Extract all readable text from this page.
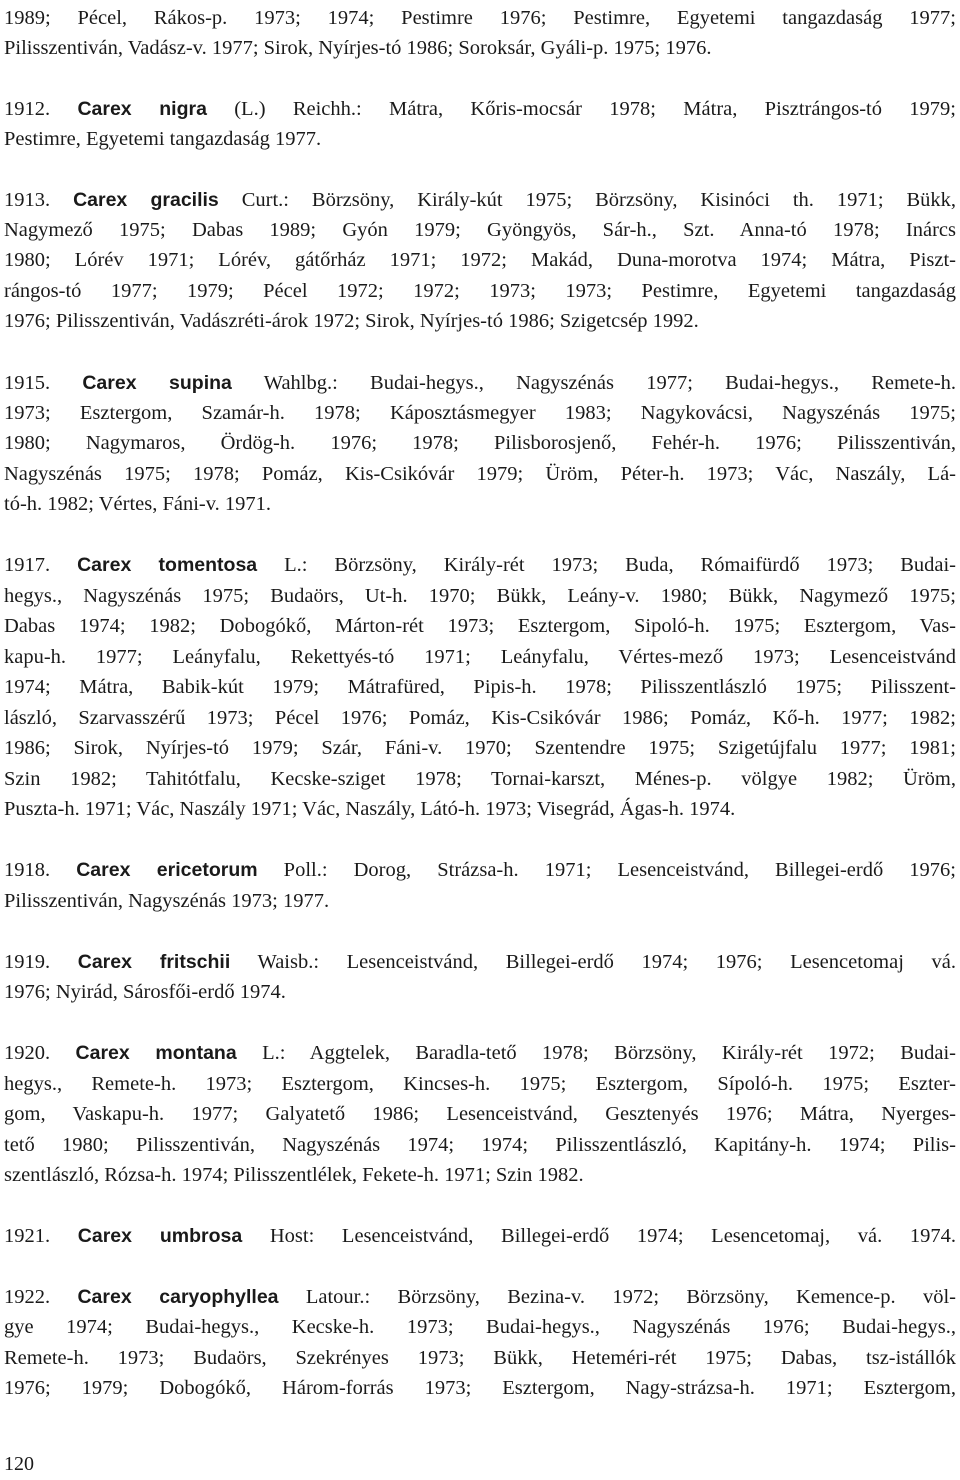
1989; Pécel, Rákos-p. 1973; 1974; Pestimre 1976; Pestimre, Egyetemi tangazdaság 1977;
Pilisszentiván, Vadász-v. 1977; Sirok, Nyírjes-tó 1986; Soroksár, Gyáli-p. 1975; 1976.
1912. Carex nigra (L.) Reichh.: Mátra, Kőris-mocsár 1978; Mátra, Pisztrángos-tó 1979;
Pestimre, Egyetemi tangazdaság 1977.
1913. Carex gracilis Curt.: Börzsöny, Király-kút 1975; Börzsöny, Kisinóci th. 1971; Bükk,
Nagymező 1975; Dabas 1989; Gyón 1979; Gyöngyös, Sár-h., Szt. Anna-tó 1978; Inárcs
1980; Lórév 1971; Lórév, gátőrház 1971; 1972; Makád, Duna-morotva 1974; Mátra, Piszt-
rángos-tó 1977; 1979; Pécel 1972; 1972; 1973; 1973; Pestimre, Egyetemi tangazdaság
1976; Pilisszentiván, Vadászréti-árok 1972; Sirok, Nyírjes-tó 1986; Szigetcsép 1992.
1915. Carex supina Wahlbg.: Budai-hegys., Nagyszénás 1977; Budai-hegys., Remete-h.
1973; Esztergom, Szamár-h. 1978; Káposztásmegyer 1983; Nagykovácsi, Nagyszénás 1975;
1980; Nagymaros, Ördög-h. 1976; 1978; Pilisborosjenő, Fehér-h. 1976; Pilisszentiván,
Nagyszénás 1975; 1978; Pomáz, Kis-Csikóvár 1979; Üröm, Péter-h. 1973; Vác, Naszály, Lá-
tó-h. 1982; Vértes, Fáni-v. 1971.
1917. Carex tomentosa L.: Börzsöny, Király-rét 1973; Buda, Rómaifürdő 1973; Budai-
hegys., Nagyszénás 1975; Budaörs, Ut-h. 1970; Bükk, Leány-v. 1980; Bükk, Nagymező 1975;
Dabas 1974; 1982; Dobogókő, Márton-rét 1973; Esztergom, Sipoló-h. 1975; Esztergom, Vas-
kapu-h. 1977; Leányfalu, Rekettyés-tó 1971; Leányfalu, Vértes-mező 1973; Lesenceistvánd
1974; Mátra, Babik-kút 1979; Mátrafüred, Pipis-h. 1978; Pilisszentlászló 1975; Pilisszent-
lászló, Szarvasszérű 1973; Pécel 1976; Pomáz, Kis-Csikóvár 1986; Pomáz, Kő-h. 1977; 1982;
1986; Sirok, Nyírjes-tó 1979; Szár, Fáni-v. 1970; Szentendre 1975; Szigetújfalu 1977; 1981;
Szin 1982; Tahitótfalu, Kecske-sziget 1978; Tornai-karszt, Ménes-p. völgye 1982; Üröm,
Puszta-h. 1971; Vác, Naszály 1971; Vác, Naszály, Látó-h. 1973; Visegrád, Ágas-h. 1974.
1918. Carex ericetorum Poll.: Dorog, Strázsa-h. 1971; Lesenceistvánd, Billegei-erdő 1976;
Pilisszentiván, Nagyszénás 1973; 1977.
1919. Carex fritschii Waisb.: Lesenceistvánd, Billegei-erdő 1974; 1976; Lesencetomaj vá.
1976; Nyirád, Sárosfői-erdő 1974.
1920. Carex montana L.: Aggtelek, Baradla-tető 1978; Börzsöny, Király-rét 1972; Budai-
hegys., Remete-h. 1973; Esztergom, Kincses-h. 1975; Esztergom, Sípoló-h. 1975; Eszter-
gom, Vaskapu-h. 1977; Galyatető 1986; Lesenceistvánd, Gesztenyés 1976; Mátra, Nyerges-
tető 1980; Pilisszentiván, Nagyszénás 1974; 1974; Pilisszentlászló, Kapitány-h. 1974; Pilis-
szentlászló, Rózsa-h. 1974; Pilisszentlélek, Fekete-h. 1971; Szin 1982.
1921. Carex umbrosa Host: Lesenceistvánd, Billegei-erdő 1974; Lesencetomaj, vá. 1974.
1922. Carex caryophyllea Latour.: Börzsöny, Bezina-v. 1972; Börzsöny, Kemence-p. völ-
gye 1974; Budai-hegys., Kecske-h. 1973; Budai-hegys., Nagyszénás 1976; Budai-hegys.,
Remete-h. 1973; Budaörs, Szekrényes 1973; Bükk, Heteméri-rét 1975; Dabas, tsz-istállók
1976; 1979; Dobogókő, Három-forrás 1973; Esztergom, Nagy-strázsa-h. 1971; Esztergom,
120
